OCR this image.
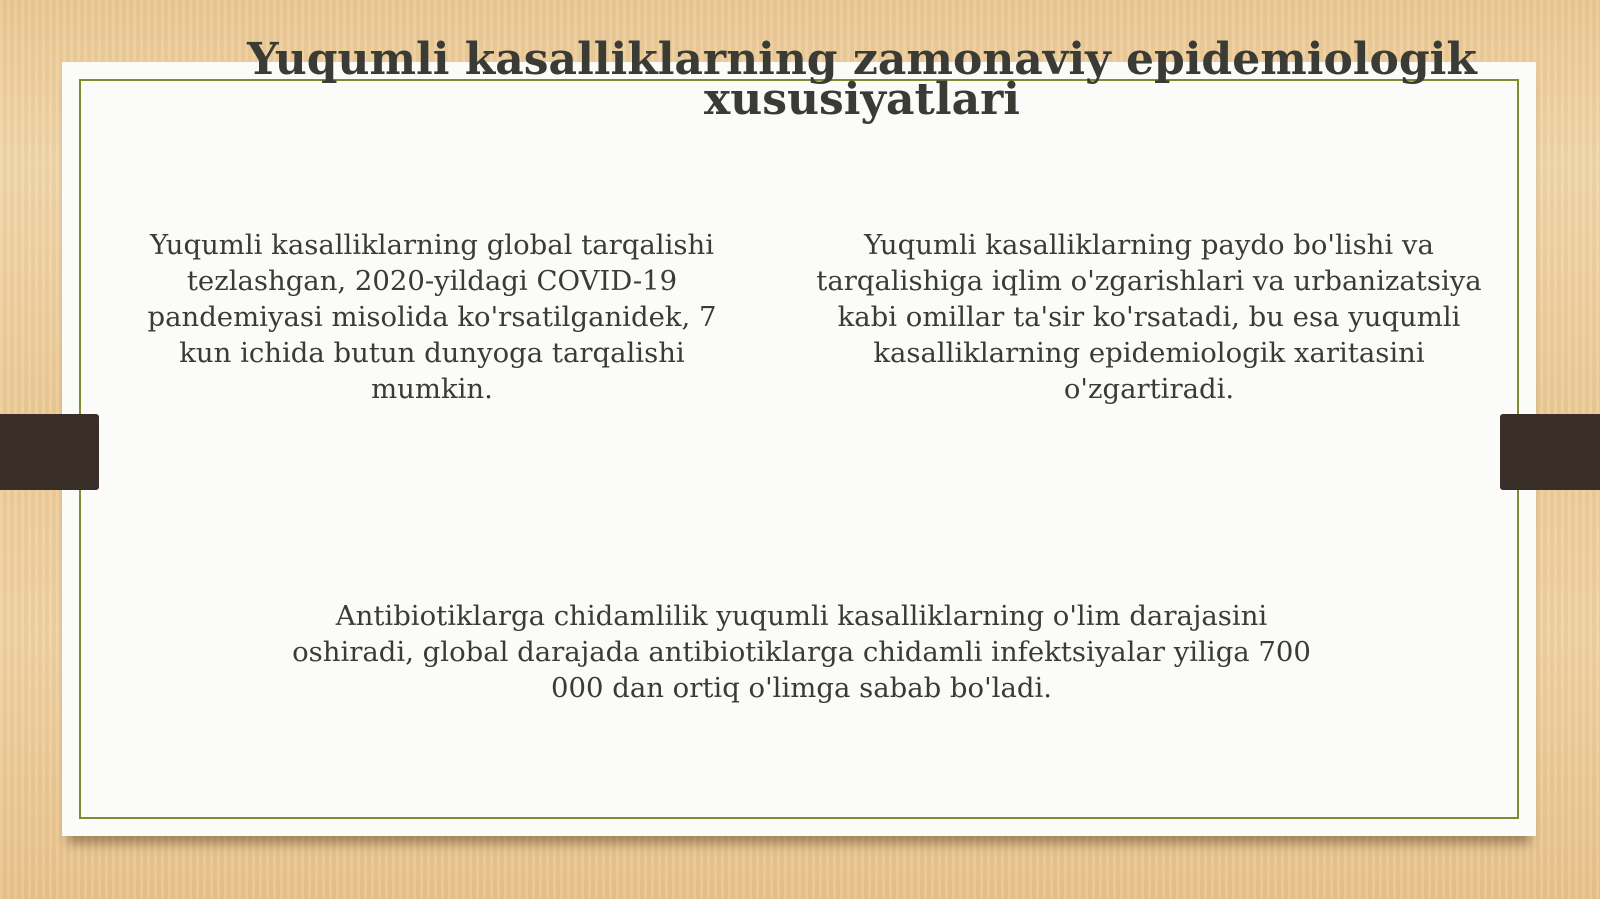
Yuqumli kasalliklarning zamonaviy epidemiologik xususiyatlari

Yuqumli kasalliklarning global tarqalishi tezlashgan, 2020-yildagi COVID-19 pandemiyasi misolida ko'rsatilganidek, 7 kun ichida butun dunyoga tarqalishi mumkin.

Yuqumli kasalliklarning paydo bo'lishi va tarqalishiga iqlim o'zgarishlari va urbanizatsiya kabi omillar ta'sir ko'rsatadi, bu esa yuqumli kasalliklarning epidemiologik xaritasini o'zgartiradi.

Antibiotiklarga chidamlilik yuqumli kasalliklarning o'lim darajasini oshiradi, global darajada antibiotiklarga chidamli infektsiyalar yiliga 700 000 dan ortiq o'limga sabab bo'ladi.
